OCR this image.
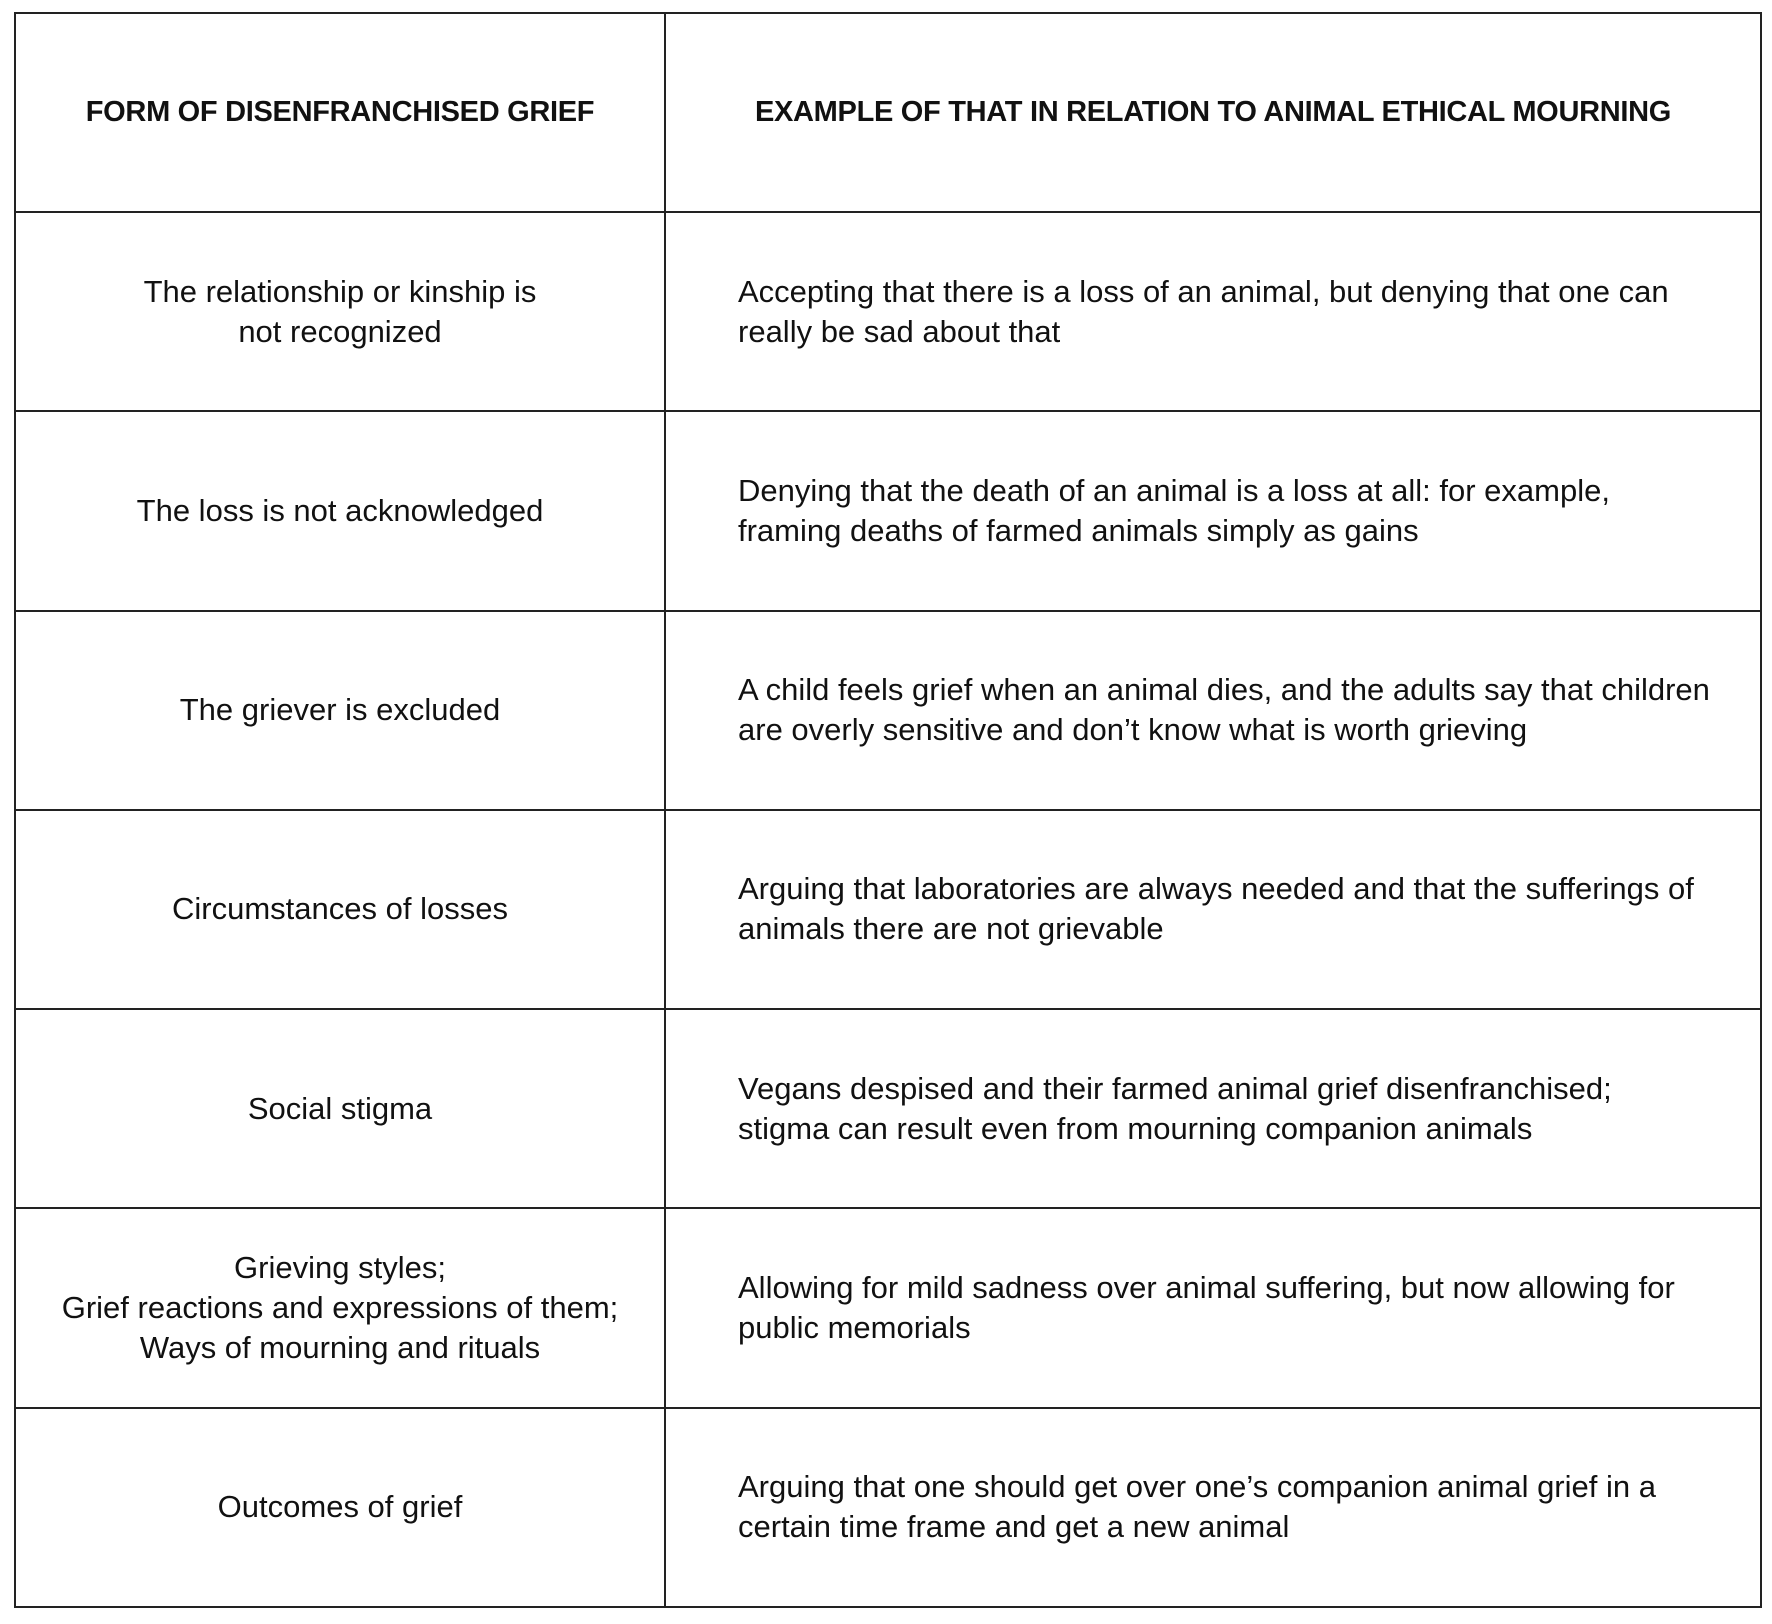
FORM OF DISENFRANCHISED GRIEF	EXAMPLE OF THAT IN RELATION TO ANIMAL ETHICAL MOURNING
The relationship or kinship is
not recognized	Accepting that there is a loss of an animal, but denying that one can really be sad about that
The loss is not acknowledged	Denying that the death of an animal is a loss at all: for example, framing deaths of farmed animals simply as gains
The griever is excluded	A child feels grief when an animal dies, and the adults say that children are overly sensitive and don’t know what is worth grieving
Circumstances of losses	Arguing that laboratories are always needed and that the sufferings of animals there are not grievable
Social stigma	Vegans despised and their farmed animal grief disenfranchised; stigma can result even from mourning companion animals
Grieving styles;
Grief reactions and expressions of them;
Ways of mourning and rituals	Allowing for mild sadness over animal suffering, but now allowing for public memorials
Outcomes of grief	Arguing that one should get over one’s companion animal grief in a certain time frame and get a new animal
